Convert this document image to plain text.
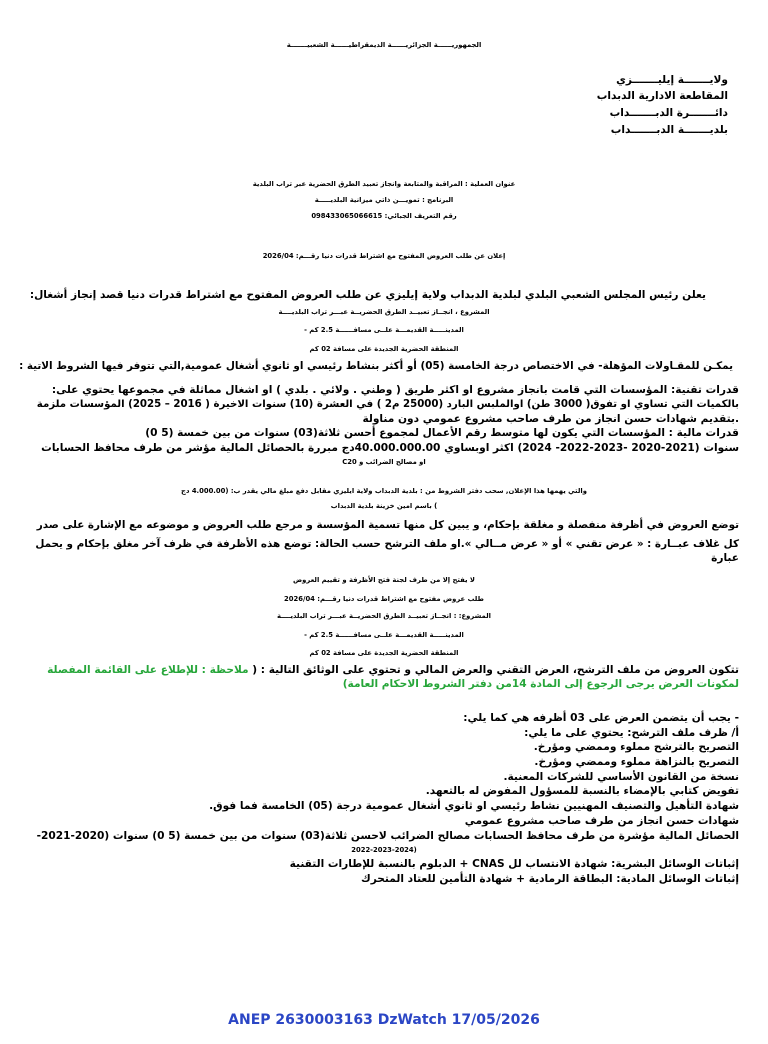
الجمهوريــــــة الجزائريــــــة الديمقراطيــــــة الشعبيـــــــة
ولايـــــــة إيليـــــــزي
المقاطعة الادارية الدبداب
دائـــــــرة الدبـــــــداب
بلديـــــــة الدبـــــــداب
عنوان العملية : المراقبة والمتابعة وانجاز تعبيد الطرق الحضرية عبر تراب البلدية
البرنامج : تمويـــن ذاتي ميزانية البلديـــــة
رقم التعريف الجبائي: 098433065066615
إعلان عن طلب العروض المفتوح مع اشتراط قدرات دنيا رقـــم: 2026/04
يعلن رئيس المجلس الشعبي البلدي لبلدية الدبداب ولاية إيليزي عن طلب العروض المفتوح مع اشتراط قدرات دنيا قصد إنجاز أشغال:
المشروع ، انجــاز تعبيــد الطرق الحضريــة عبـــر تراب البلديــــة
المدينـــــة القديمـــة علــى مسافــــــة 2.5 كم -
المنطقة الحضرية الجديدة على مسافة 02 كم
يمكـن للمقـاولات المؤهلة- في الاختصاص درجة الخامسة (05) أو أكثر بنشاط رئيسي او ثانوي أشغال عمومية,التي تتوفر فيها الشروط الاتية :
قدرات تقنية: المؤسسات التي قامت بانجاز مشروع او اكثر طريق ( وطني . ولائي . بلدي ) او اشغال مماثلة في مجموعها يحتوي على:
بالكميات التي تساوي او تفوق( 3000 طن) اوالملبس البارد (25000 م2 ) في العشرة (10) سنوات الاخيرة ( 2016 – 2025) المؤسسات ملزمة
.بتقديم شهادات حسن انجاز من طرف صاحب مشروع عمومي دون مناولة
قدرات مالية : المؤسسات التي يكون لها متوسط رقم الأعمال لمجموع أحسن ثلاثة(03) سنوات من بين خمسة (5 0)
سنوات (2021-2020 -2023-2022- 2024) اكثر اوبساوي 40.000.000.00دج مبررة بالحصائل المالية مؤشر من طرف محافظ الحسابات
او مصالح الضرائب و C20
والتي يهمها هذا الإعلان, سحب دفتر الشروط من : بلدية الدبداب ولاية ايليزي مقابل دفع مبلغ مالي يقدر ب: (4.000.00 دج
) باسم امين خزينة بلدية الدبداب
توضع العروض في أظرفة منفصلة و مغلقة بإحكام، و يبين كل منها تسمية المؤسسة و مرجع طلب العروض و موضوعه مع الإشارة على صدر
كل غلاف عبــارة : « عرض تقني » أو « عرض مــالي ».او ملف الترشح حسب الحالة: توضع هذه الأظرفة في ظرف آخر مغلق بإحكام و يحمل
عبارة
لا يفتح إلا من طرف لجنة فتح الأظرفة و تقييم العروض
طلب عروض مفتوح مع اشتراط قدرات دنيا رقـــم: 2026/04
المشروع: : انجــاز تعبيــد الطرق الحضريــة عبـــر تراب البلديــــة
المدينـــــة القديمـــة علــى مسافــــــة 2.5 كم -
المنطقة الحضرية الجديدة على مسافة 02 كم
تتكون العروض من ملف الترشح، العرض التقني والعرض المالي و تحتوي على الوثائق التالية : ( ملاحظة : للإطلاع على القائمة المفصلة
لمكونات العرض يرجى الرجوع إلى المادة 14من دفتر الشروط الاحكام العامة)
- يجب أن يتضمن العرض على 03 أظرفه هي كما يلي:
أ/ ظرف ملف الترشح: يحتوي على ما يلي:
التصريح بالترشح مملوء وممضي ومؤرخ.
التصريح بالنزاهة مملوء وممضي ومؤرخ.
نسخة من القانون الأساسي للشركات المعنية.
تفويض كتابي بالإمضاء بالنسبة للمسؤول المفوض له بالتعهد.
شهادة التأهيل والتصنيف المهنيين نشاط رئيسي او ثانوي أشغال عمومية درجة (05) الخامسة فما فوق.
شهادات حسن انجاز من طرف صاحب مشروع عمومي
الحصائل المالية مؤشرة من طرف محافظ الحسابات مصالح الضرائب لاحسن ثلاثة(03) سنوات من بين خمسة (5 0) سنوات (2020-2021-
2022-2023-2024)
إثباتات الوسائل البشرية: شهادة الانتساب لل CNAS + الدبلوم بالنسبة للإطارات التقنية
إثباتات الوسائل المادية: البطاقة الرمادية + شهادة التأمين للعتاد المتحرك
ANEP 2630003163 DzWatch 17/05/2026
